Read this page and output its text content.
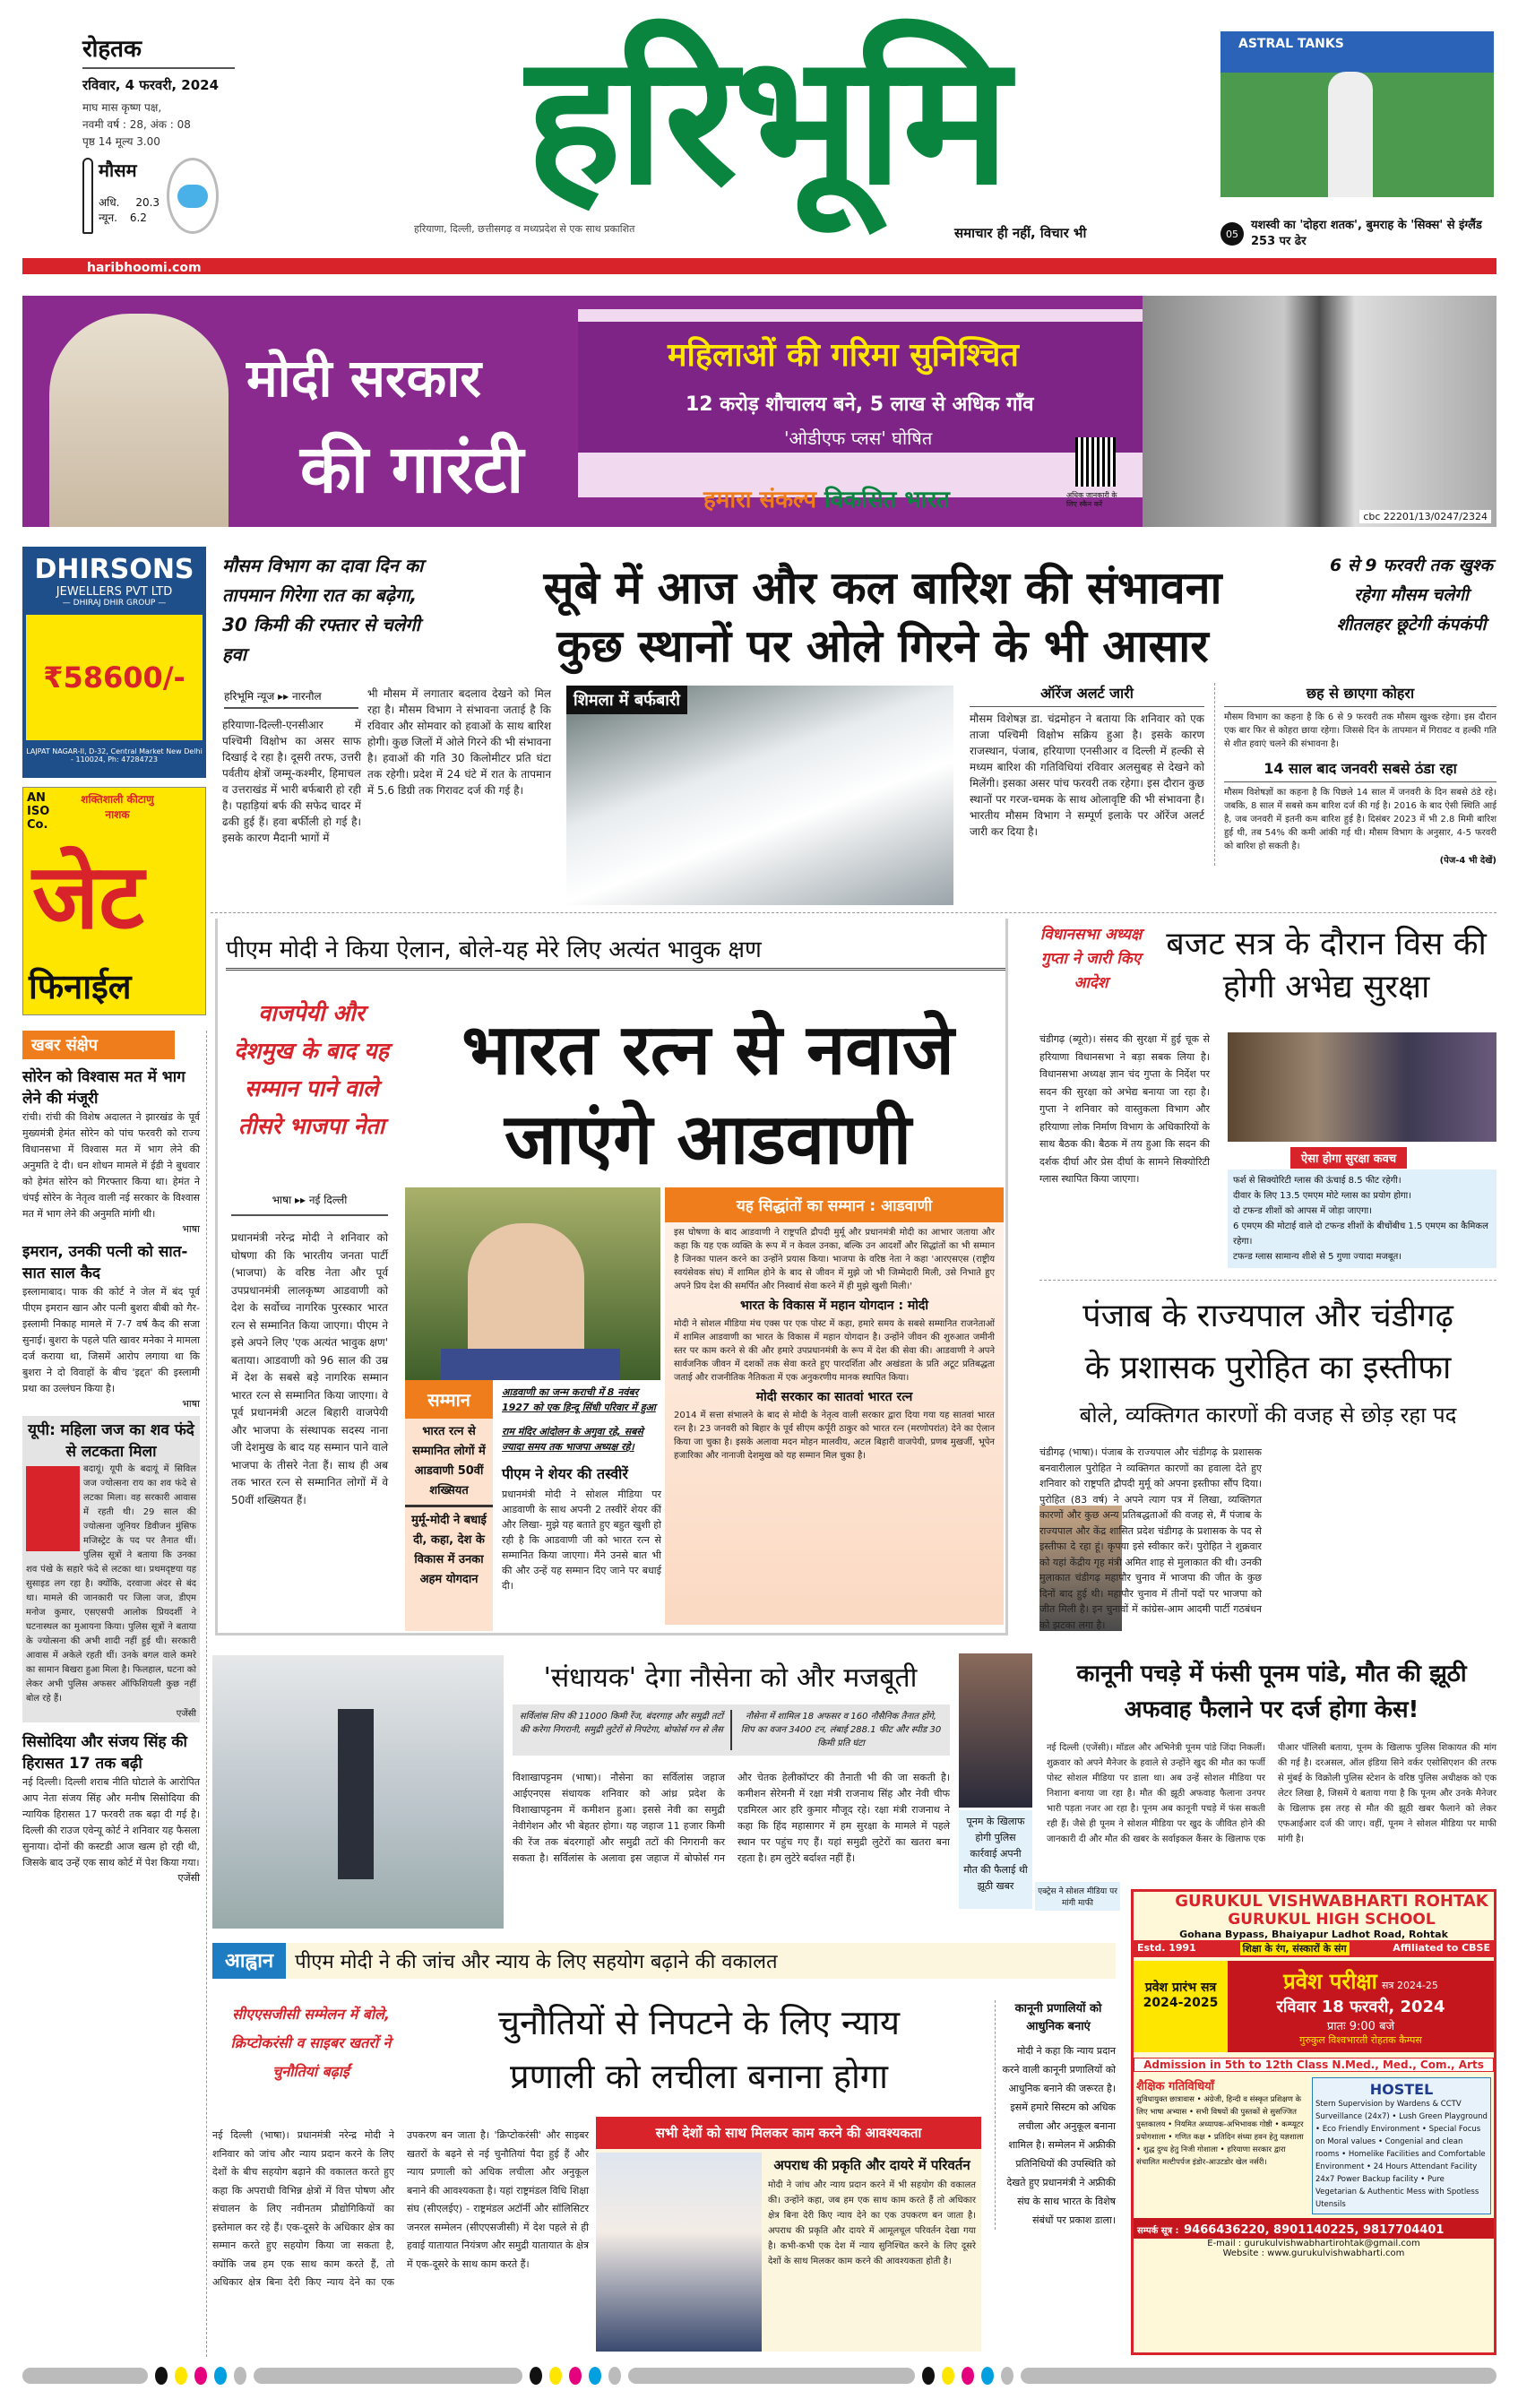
रोहतक
रविवार, 4 फरवरी, 2024
माघ मास कृष्ण पक्ष,
नवमी वर्ष : 28, अंक : 08
पृष्ठ 14 मूल्य 3.00
मौसम
अधि. 20.3
न्यून. 6.2	हरिभूमि
हरियाणा, दिल्ली, छत्तीसगढ़ व मध्यप्रदेश से एक साथ प्रकाशित	समाचार ही नहीं, विचार भी
ASTRAL TANKS
05
यशस्वी का 'दोहरा शतक', बुमराह के 'सिक्स' से इंग्लैंड 253 पर ढेर
haribhoomi.com
मोदी सरकार
की गारंटी
महिलाओं की गरिमा सुनिश्चित
12 करोड़ शौचालय बने, 5 लाख से अधिक गाँव
'ओडीएफ प्लस' घोषित
हमारा संकल्प विकसित भारत	अधिक जानकारी के लिए स्कैन करें
cbc 22201/13/0247/2324
DHIRSONS
JEWELLERS PVT LTD
— DHIRAJ DHIR GROUP —
₹58600/-
LAJPAT NAGAR-II, D-32, Central Market New Delhi - 110024, Ph: 47284723
AN ISO Co.
शक्तिशाली कीटाणु नाशक
जेट
फिनाईल
मौसम विभाग का दावा दिन का तापमान गिरेगा रात का बढ़ेगा, 30 किमी की रफ्तार से चलेगी हवा
सूबे में आज और कल बारिश की संभावना
कुछ स्थानों पर ओले गिरने के भी आसार
6 से 9 फरवरी तक खुश्क रहेगा मौसम चलेगी शीतलहर छूटेगी कंपकंपी
हरिभूमि न्यूज ▸▸ नारनौल
हरियाणा-दिल्ली-एनसीआर में पश्चिमी विक्षोभ का असर साफ दिखाई दे रहा है। दूसरी तरफ, उत्तरी पर्वतीय क्षेत्रों जम्मू-कश्मीर, हिमाचल व उत्तराखंड में भारी बर्फबारी हो रही है। पहाड़ियां बर्फ की सफेद चादर में ढकी हुई हैं। हवा बर्फीली हो गई है। इसके कारण मैदानी भागों में
भी मौसम में लगातार बदलाव देखने को मिल रहा है। मौसम विभाग ने संभावना जताई है कि रविवार और सोमवार को हवाओं के साथ बारिश होगी। कुछ जिलों में ओले गिरने की भी संभावना है। हवाओं की गति 30 किलोमीटर प्रति घंटा तक रहेगी। प्रदेश में 24 घंटे में रात के तापमान में 5.6 डिग्री तक गिरावट दर्ज की गई है।
शिमला में बर्फबारी	ऑरेंज अलर्ट जारी
मौसम विशेषज्ञ डा. चंद्रमोहन ने बताया कि शनिवार को एक ताजा पश्चिमी विक्षोभ सक्रिय हुआ है। इसके कारण राजस्थान, पंजाब, हरियाणा एनसीआर व दिल्ली में हल्की से मध्यम बारिश की गतिविधियां रविवार अलसुबह से देखने को मिलेंगी। इसका असर पांच फरवरी तक रहेगा। इस दौरान कुछ स्थानों पर गरज-चमक के साथ ओलावृष्टि की भी संभावना है। भारतीय मौसम विभाग ने सम्पूर्ण इलाके पर ऑरेंज अलर्ट जारी कर दिया है।
छह से छाएगा कोहरा
मौसम विभाग का कहना है कि 6 से 9 फरवरी तक मौसम खुश्क रहेगा। इस दौरान एक बार फिर से कोहरा छाया रहेगा। जिससे दिन के तापमान में गिरावट व हल्की गति से शीत हवाएं चलने की संभावना है।
14 साल बाद जनवरी सबसे ठंडा रहा
मौसम विशेषज्ञों का कहना है कि पिछले 14 साल में जनवरी के दिन सबसे ठंडे रहे। जबकि, 8 साल में सबसे कम बारिश दर्ज की गई है। 2016 के बाद ऐसी स्थिति आई है, जब जनवरी में इतनी कम बारिश हुई है। दिसंबर 2023 में भी 2.8 मिमी बारिश हुई थी, तब 54% की कमी आंकी गई थी। मौसम विभाग के अनुसार, 4-5 फरवरी को बारिश हो सकती है।
(पेज-4 भी देखें)
पीएम मोदी ने किया ऐलान, बोले-यह मेरे लिए अत्यंत भावुक क्षण
वाजपेयी और देशमुख के बाद यह सम्मान पाने वाले तीसरे भाजपा नेता
भारत रत्न से नवाजे
जाएंगे आडवाणी
भाषा ▸▸ नई दिल्ली
प्रधानमंत्री नरेन्द्र मोदी ने शनिवार को घोषणा की कि भारतीय जनता पार्टी (भाजपा) के वरिष्ठ नेता और पूर्व उपप्रधानमंत्री लालकृष्ण आडवाणी को देश के सर्वोच्च नागरिक पुरस्कार भारत रत्न से सम्मानित किया जाएगा। पीएम ने इसे अपने लिए 'एक अत्यंत भावुक क्षण' बताया। आडवाणी को 96 साल की उम्र में देश के सबसे बड़े नागरिक सम्मान भारत रत्न से सम्मानित किया जाएगा। वे पूर्व प्रधानमंत्री अटल बिहारी वाजपेयी और भाजपा के संस्थापक सदस्य नाना जी देशमुख के बाद यह सम्मान पाने वाले भाजपा के तीसरे नेता हैं। साथ ही अब तक भारत रत्न से सम्मानित लोगों में वे 50वीं शख्सियत हैं।
सम्मान
भारत रत्न से सम्मानित लोगों में आडवाणी 50वीं शख्सियत
मुर्मू-मोदी ने बधाई दी, कहा, देश के विकास में उनका अहम योगदान
आडवाणी का जन्म कराची में 8 नवंबर 1927 को एक हिन्दू सिंधी परिवार में हुआ
राम मंदिर आंदोलन के अगुवा रहे, सबसे ज्यादा समय तक भाजपा अध्यक्ष रहे।
पीएम ने शेयर की तस्वीरें
प्रधानमंत्री मोदी ने सोशल मीडिया पर आडवाणी के साथ अपनी 2 तस्वीरें शेयर कीं और लिखा- मुझे यह बताते हुए बहुत खुशी हो रही है कि आडवाणी जी को भारत रत्न से सम्मानित किया जाएगा। मैंने उनसे बात भी की और उन्हें यह सम्मान दिए जाने पर बधाई दी।
यह सिद्धांतों का सम्मान : आडवाणी
इस घोषणा के बाद आडवाणी ने राष्ट्रपति द्रौपदी मुर्मू और प्रधानमंत्री मोदी का आभार जताया और कहा कि यह एक व्यक्ति के रूप में न केवल उनका, बल्कि उन आदर्शों और सिद्धांतों का भी सम्मान है जिनका पालन करने का उन्होंने प्रयास किया। भाजपा के वरिष्ठ नेता ने कहा 'आरएसएस (राष्ट्रीय स्वयंसेवक संघ) में शामिल होने के बाद से जीवन में मुझे जो भी जिम्मेदारी मिली, उसे निभाते हुए अपने प्रिय देश की समर्पित और निस्वार्थ सेवा करने में ही मुझे खुशी मिली।'
भारत के विकास में महान योगदान : मोदी
मोदी ने सोशल मीडिया मंच एक्स पर एक पोस्ट में कहा, हमारे समय के सबसे सम्मानित राजनेताओं में शामिल आडवाणी का भारत के विकास में महान योगदान है। उन्होंने जीवन की शुरुआत जमीनी स्तर पर काम करने से की और हमारे उपप्रधानमंत्री के रूप में देश की सेवा की। आडवाणी ने अपने सार्वजनिक जीवन में दशकों तक सेवा करते हुए पारदर्शिता और अखंडता के प्रति अटूट प्रतिबद्धता जताई और राजनीतिक नैतिकता में एक अनुकरणीय मानक स्थापित किया।
मोदी सरकार का सातवां भारत रत्न
2014 में सत्ता संभालने के बाद से मोदी के नेतृत्व वाली सरकार द्वारा दिया गया यह सातवां भारत रत्न है। 23 जनवरी को बिहार के पूर्व सीएम कर्पूरी ठाकुर को भारत रत्न (मरणोपरांत) देने का ऐलान किया जा चुका है। इसके अलावा मदन मोहन मालवीय, अटल बिहारी वाजपेयी, प्रणब मुखर्जी, भूपेन हजारिका और नानाजी देशमुख को यह सम्मान मिल चुका है।
विधानसभा अध्यक्ष गुप्ता ने जारी किए आदेश
बजट सत्र के दौरान विस की होगी अभेद्य सुरक्षा
चंडीगढ़ (ब्यूरो)। संसद की सुरक्षा में हुई चूक से हरियाणा विधानसभा ने बड़ा सबक लिया है। विधानसभा अध्यक्ष ज्ञान चंद गुप्ता के निर्देश पर सदन की सुरक्षा को अभेद्य बनाया जा रहा है। गुप्ता ने शनिवार को वास्तुकला विभाग और हरियाणा लोक निर्माण विभाग के अधिकारियों के साथ बैठक की। बैठक में तय हुआ कि सदन की दर्शक दीर्घा और प्रेस दीर्घा के सामने सिक्योरिटी ग्लास स्थापित किया जाएगा।
ऐसा होगा सुरक्षा कवच
फर्श से सिक्योरिटी ग्लास की ऊंचाई 8.5 फीट रहेगी।
दीवार के लिए 13.5 एमएम मोटे ग्लास का प्रयोग होगा।
दो टफन्ड शीशों को आपस में जोड़ा जाएगा।
6 एमएम की मोटाई वाले दो टफन्ड शीशों के बीचोंबीच 1.5 एमएम का कैमिकल रहेगा।
टफन्ड ग्लास सामान्य शीशे से 5 गुणा ज्यादा मजबूत।
पंजाब के राज्यपाल और चंडीगढ़
के प्रशासक पुरोहित का इस्तीफा
बोले, व्यक्तिगत कारणों की वजह से छोड़ रहा पद
चंडीगढ़ (भाषा)। पंजाब के राज्यपाल और चंडीगढ़ के प्रशासक बनवारीलाल पुरोहित ने व्यक्तिगत कारणों का हवाला देते हुए शनिवार को राष्ट्रपति द्रौपदी मुर्मू को अपना इस्तीफा सौंप दिया। पुरोहित (83 वर्ष) ने अपने त्याग पत्र में लिखा, व्यक्तिगत कारणों और कुछ अन्य प्रतिबद्धताओं की वजह से, मैं पंजाब के राज्यपाल और केंद्र शासित प्रदेश चंडीगढ़ के प्रशासक के पद से इस्तीफा दे रहा हूं। कृपया इसे स्वीकार करें। पुरोहित ने शुक्रवार को यहां केंद्रीय गृह मंत्री अमित शाह से मुलाकात की थी। उनकी मुलाकात चंडीगढ़ महापौर चुनाव में भाजपा की जीत के कुछ दिनों बाद हुई थी। महापौर चुनाव में तीनों पदों पर भाजपा को जीत मिली है। इन चुनावों में कांग्रेस-आम आदमी पार्टी गठबंधन को झटका लगा है।
खबर संक्षेप
सोरेन को विश्वास मत में भाग लेने की मंजूरी
रांची। रांची की विशेष अदालत ने झारखंड के पूर्व मुख्यमंत्री हेमंत सोरेन को पांच फरवरी को राज्य विधानसभा में विश्वास मत में भाग लेने की अनुमति दे दी। धन शोधन मामले में ईडी ने बुधवार को हेमंत सोरेन को गिरफ्तार किया था। हेमंत ने चंपई सोरेन के नेतृत्व वाली नई सरकार के विश्वास मत में भाग लेने की अनुमति मांगी थी।
भाषा
इमरान, उनकी पत्नी को सात-सात साल कैद
इस्लामाबाद। पाक की कोर्ट ने जेल में बंद पूर्व पीएम इमरान खान और पत्नी बुशरा बीबी को गैर-इस्लामी निकाह मामले में 7-7 वर्ष कैद की सजा सुनाई। बुशरा के पहले पति खावर मनेका ने मामला दर्ज कराया था, जिसमें आरोप लगाया था कि बुशरा ने दो विवाहों के बीच 'इद्दत' की इस्लामी प्रथा का उल्लंघन किया है।
भाषा
यूपी: महिला जज का शव फंदे से लटकता मिला
बदायूं। यूपी के बदायूं में सिविल जज ज्योत्सना राय का शव फंदे से लटका मिला। वह सरकारी आवास में रहती थी। 29 साल की ज्योत्सना जूनियर डिवीजन मुंसिफ मजिस्ट्रेट के पद पर तैनात थीं। पुलिस सूत्रों ने बताया कि उनका शव पंखे के सहारे फंदे से लटका था। प्रथमदृष्टया यह सुसाइड लग रहा है। क्योंकि, दरवाजा अंदर से बंद था। मामले की जानकारी पर जिला जज, डीएम मनोज कुमार, एसएसपी आलोक प्रियदर्शी ने घटनास्थल का मुआयना किया। पुलिस सूत्रों ने बताया के ज्योत्सना की अभी शादी नहीं हुई थी। सरकारी आवास में अकेले रहती थीं। उनके बगल वाले कमरे का सामान बिखरा हुआ मिला है। फिलहाल, घटना को लेकर अभी पुलिस अफसर ऑफिशियली कुछ नहीं बोल रहे हैं।
एजेंसी
सिसोदिया और संजय सिंह की हिरासत 17 तक बढ़ी
नई दिल्ली। दिल्ली शराब नीति घोटाले के आरोपित आप नेता संजय सिंह और मनीष सिसोदिया की न्यायिक हिरासत 17 फरवरी तक बढ़ा दी गई है। दिल्ली की राउज एवेन्यू कोर्ट ने शनिवार यह फैसला सुनाया। दोनों की कस्टडी आज खत्म हो रही थी, जिसके बाद उन्हें एक साथ कोर्ट में पेश किया गया।
एजेंसी
'संधायक' देगा नौसेना को और मजबूती
सर्विलांस शिप की 11000 किमी रेंज, बंदरगाह और समुद्री तटों की करेगा निगरानी, समुद्री लुटेरों से निपटेगा, बोफोर्स गन से लैस
नौसेना में शामिल 18 अफसर व 160 नौसैनिक तैनात होंगे, शिप का वजन 3400 टन, लंबाई 288.1 फीट और स्पीड 30 किमी प्रति घंटा
विशाखापट्टनम (भाषा)। नौसेना का सर्विलांस जहाज आईएनएस संधायक शनिवार को आंध्र प्रदेश के विशाखापट्टनम में कमीशन हुआ। इससे नेवी का समुद्री नेवीगेशन और भी बेहतर होगा। यह जहाज 11 हजार किमी की रेंज तक बंदरगाहों और समुद्री तटों की निगरानी कर सकता है। सर्विलांस के अलावा इस जहाज में बोफोर्स गन और चेतक हेलीकॉप्टर की तैनाती भी की जा सकती है। कमीशन सेरेमनी में रक्षा मंत्री राजनाथ सिंह और नेवी चीफ एडमिरल आर हरि कुमार मौजूद रहे। रक्षा मंत्री राजनाथ ने कहा कि हिंद महासागर में हम सुरक्षा के मामले में पहले स्थान पर पहुंच गए हैं। यहां समुद्री लुटेरों का खतरा बना रहता है। हम लुटेरे बर्दाश्त नहीं हैं।
पूनम के खिलाफ होगी पुलिस कार्रवाई अपनी मौत की फैलाई थी झूठी खबर	एक्ट्रेस ने सोशल मीडिया पर मांगी माफी
कानूनी पचड़े में फंसी पूनम पांडे, मौत की झूठी अफवाह फैलाने पर दर्ज होगा केस!
नई दिल्ली (एजेंसी)। मॉडल और अभिनेत्री पूनम पांडे जिंदा निकलीं। शुक्रवार को अपने मैनेजर के हवाले से उन्होंने खुद की मौत का फर्जी पोस्ट सोशल मीडिया पर डाला था। अब उन्हें सोशल मीडिया पर निशाना बनाया जा रहा है। मौत की झूठी अफवाह फैलाना उनपर भारी पड़ता नजर आ रहा है। पूनम अब कानूनी पचड़े में फंस सकती रही हैं। जैसे ही पूनम ने सोशल मीडिया पर खुद के जीवित होने की जानकारी दी और मौत की खबर के सर्वाइकल कैंसर के खिलाफ एक पीआर पॉलिसी बताया, पूनम के खिलाफ पुलिस शिकायत की मांग की गई है। दरअसल, ऑल इंडिया सिने वर्कर एसोसिएशन की तरफ से मुंबई के विक्रोली पुलिस स्टेशन के वरिष्ठ पुलिस अधीक्षक को एक लेटर लिखा है, जिसमें ये बताया गया है कि पूनम और उनके मैनेजर के खिलाफ इस तरह से मौत की झूठी खबर फैलाने को लेकर एफआईआर दर्ज की जाए। वहीं, पूनम ने सोशल मीडिया पर माफी मांगी है।
आह्वान	पीएम मोदी ने की जांच और न्याय के लिए सहयोग बढ़ाने की वकालत
सीएएसजीसी सम्मेलन में बोले, क्रिप्टोकरंसी व साइबर खतरों ने चुनौतियां बढ़ाईं
चुनौतियों से निपटने के लिए न्याय
प्रणाली को लचीला बनाना होगा
नई दिल्ली (भाषा)। प्रधानमंत्री नरेन्द्र मोदी ने शनिवार को जांच और न्याय प्रदान करने के लिए देशों के बीच सहयोग बढ़ाने की वकालत करते हुए कहा कि अपराधी विभिन्न क्षेत्रों में वित्त पोषण और संचालन के लिए नवीनतम प्रौद्योगिकियों का इस्तेमाल कर रहे हैं। एक-दूसरे के अधिकार क्षेत्र का सम्मान करते हुए सहयोग किया जा सकता है, क्योंकि जब हम एक साथ काम करते हैं, तो अधिकार क्षेत्र बिना देरी किए न्याय देने का एक उपकरण बन जाता है। 'क्रिप्टोकरंसी' और साइबर खतरों के बढ़ने से नई चुनौतियां पैदा हुई हैं और न्याय प्रणाली को अधिक लचीला और अनुकूल बनाने की आवश्यकता है। यहां राष्ट्रमंडल विधि शिक्षा संघ (सीएलईए) - राष्ट्रमंडल अटॉर्नी और सॉलिसिटर जनरल सम्मेलन (सीएएसजीसी) में देश पहले से ही हवाई यातायात नियंत्रण और समुद्री यातायात के क्षेत्र में एक-दूसरे के साथ काम करते हैं।
सभी देशों को साथ मिलकर काम करने की आवश्यकता
अपराध की प्रकृति और दायरे में परिवर्तन
मोदी ने जांच और न्याय प्रदान करने में भी सहयोग की वकालत की। उन्होंने कहा, जब हम एक साथ काम करते हैं तो अधिकार क्षेत्र बिना देरी किए न्याय देने का एक उपकरण बन जाता है। अपराध की प्रकृति और दायरे में आमूलचूल परिवर्तन देखा गया है। कभी-कभी एक देश में न्याय सुनिश्चित करने के लिए दूसरे देशों के साथ मिलकर काम करने की आवश्यकता होती है।
कानूनी प्रणालियों को आधुनिक बनाएं
मोदी ने कहा कि न्याय प्रदान करने वाली कानूनी प्रणालियों को आधुनिक बनाने की जरूरत है। इसमें हमारे सिस्टम को अधिक लचीला और अनुकूल बनाना शामिल है। सम्मेलन में अफ्रीकी प्रतिनिधियों की उपस्थिति को देखते हुए प्रधानमंत्री ने अफ्रीकी संघ के साथ भारत के विशेष संबंधों पर प्रकाश डाला।
GURUKUL VISHWABHARTI ROHTAK
GURUKUL HIGH SCHOOL
Gohana Bypass, Bhaiyapur Ladhot Road, Rohtak
Estd. 1991	शिक्षा के रंग, संस्कारों के संग	Affiliated to CBSE
प्रवेश प्रारंभ सत्र
2024-2025
प्रवेश परीक्षा सत्र 2024-25
रविवार 18 फरवरी, 2024
प्रातः 9:00 बजे
गुरुकुल विश्वभारती रोहतक कैम्पस
Admission in 5th to 12th Class N.Med., Med., Com., Arts
शैक्षिक गतिविधियाँ
सुविधायुक्त छात्रावास • अंग्रेजी, हिन्दी व संस्कृत प्रशिक्षण के लिए भाषा अभ्यास • सभी विषयों की पुस्तकों से सुसज्जित पुस्तकालय • नियमित अध्यापक-अभिभावक गोष्ठी • कम्प्यूटर प्रयोगशाला • गणित कक्ष • प्रतिदिन संध्या हवन हेतु यज्ञशाला • शुद्ध दुग्ध हेतु निजी गोशाला • हरियाणा सरकार द्वारा संचालित मल्टीपर्पज इंडोर-आउटडोर खेल नर्सरी।
HOSTEL
Stern Supervision by Wardens & CCTV Surveillance (24x7) • Lush Green Playground • Eco Friendly Environment • Special Focus on Moral values • Congenial and clean rooms • Homelike Facilities and Comfortable Environment • 24 Hours Attendant Facility 24x7 Power Backup facility • Pure Vegetarian & Authentic Mess with Spotless Utensils
सम्पर्क सूत्र : 9466436220, 8901140225, 9817704401
E-mail : gurukulvishwabhartirohtak@gmail.com
Website : www.gurukulvishwabharti.com
